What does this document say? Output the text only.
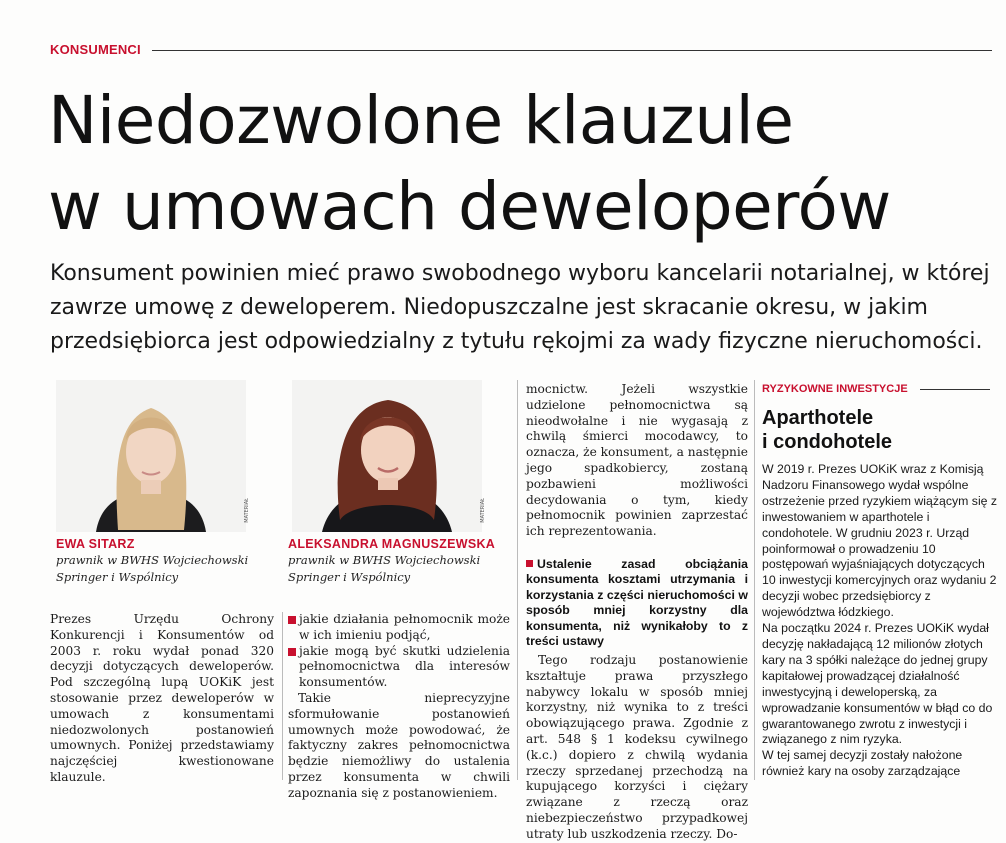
KONSUMENCI
Niedozwolone klauzule
w umowach deweloperów
Konsument powinien mieć prawo swobodnego wyboru kancelarii notarialnej, w której zawrze umowę z deweloperem. Niedopuszczalne jest skracanie okresu, w jakim przedsiębiorca jest odpowiedzialny z tytułu rękojmi za wady fizyczne nieruchomości.
MATERIAŁ
EWA SITARZ
prawnik w BWHS Wojciechowski
Springer i Wspólnicy
MATERIAŁ
ALEKSANDRA MAGNUSZEWSKA
prawnik w BWHS Wojciechowski
Springer i Wspólnicy

Prezes Urzędu Ochrony Konkurencji i Konsumentów od 2003 r. roku wydał ponad 320 decyzji dotyczących deweloperów. Pod szczególną lupą UOKiK jest stosowanie przez deweloperów w umowach z konsumentami niedozwolonych postanowień umownych. Poniżej przedstawiamy najczęściej kwestionowane klauzule.

jakie działania pełnomocnik może w ich imieniu podjąć,
jakie mogą być skutki udzielenia pełnomocnictwa dla interesów konsumentów.

Takie nieprecyzyjne sformułowanie postanowień umownych może powodować, że faktyczny zakres pełnomocnictwa będzie niemożliwy do ustalenia przez konsumenta w chwili zapoznania się z postanowieniem.

mocnictw. Jeżeli wszystkie udzielone pełnomocnictwa są nieodwołalne i nie wygasają z chwilą śmierci mocodawcy, to oznacza, że konsument, a następnie jego spadkobiercy, zostaną pozbawieni możliwości decydowania o tym, kiedy pełnomocnik powinien zaprzestać ich reprezentowania.

Ustalenie zasad obciążania konsumenta kosztami utrzymania i korzystania z części nieruchomości w sposób mniej korzystny dla konsumenta, niż wynikałoby to z treści ustawy

Tego rodzaju postanowienie kształtuje prawa przyszłego nabywcy lokalu w sposób mniej korzystny, niż wynika to z treści obowiązującego prawa. Zgodnie z art. 548 § 1 kodeksu cywilnego (k.c.) dopiero z chwilą wydania rzeczy sprzedanej przechodzą na kupującego korzyści i ciężary związane z rzeczą oraz niebezpieczeństwo przypadkowej utraty lub uszkodzenia rzeczy. Do-

RYZYKOWNE INWESTYCJE
Aparthotele
i condohotele

W 2019 r. Prezes UOKiK wraz z Komisją Nadzoru Finansowego wydał wspólne ostrzeżenie przed ryzykiem wiążącym się z inwestowaniem w aparthotele i condohotele. W grudniu 2023 r. Urząd poinformował o prowadzeniu 10 postępowań wyjaśniających dotyczących 10 inwestycji komercyjnych oraz wydaniu 2 decyzji wobec przedsiębiorcy z województwa łódzkiego.

Na początku 2024 r. Prezes UOKiK wydał decyzję nakładającą 12 milionów złotych kary na 3 spółki należące do jednej grupy kapitałowej prowadzącej działalność inwestycyjną i deweloperską, za wprowadzanie konsumentów w błąd co do gwarantowanego zwrotu z inwestycji i związanego z nim ryzyka.

W tej samej decyzji zostały nałożone również kary na osoby zarządzające
